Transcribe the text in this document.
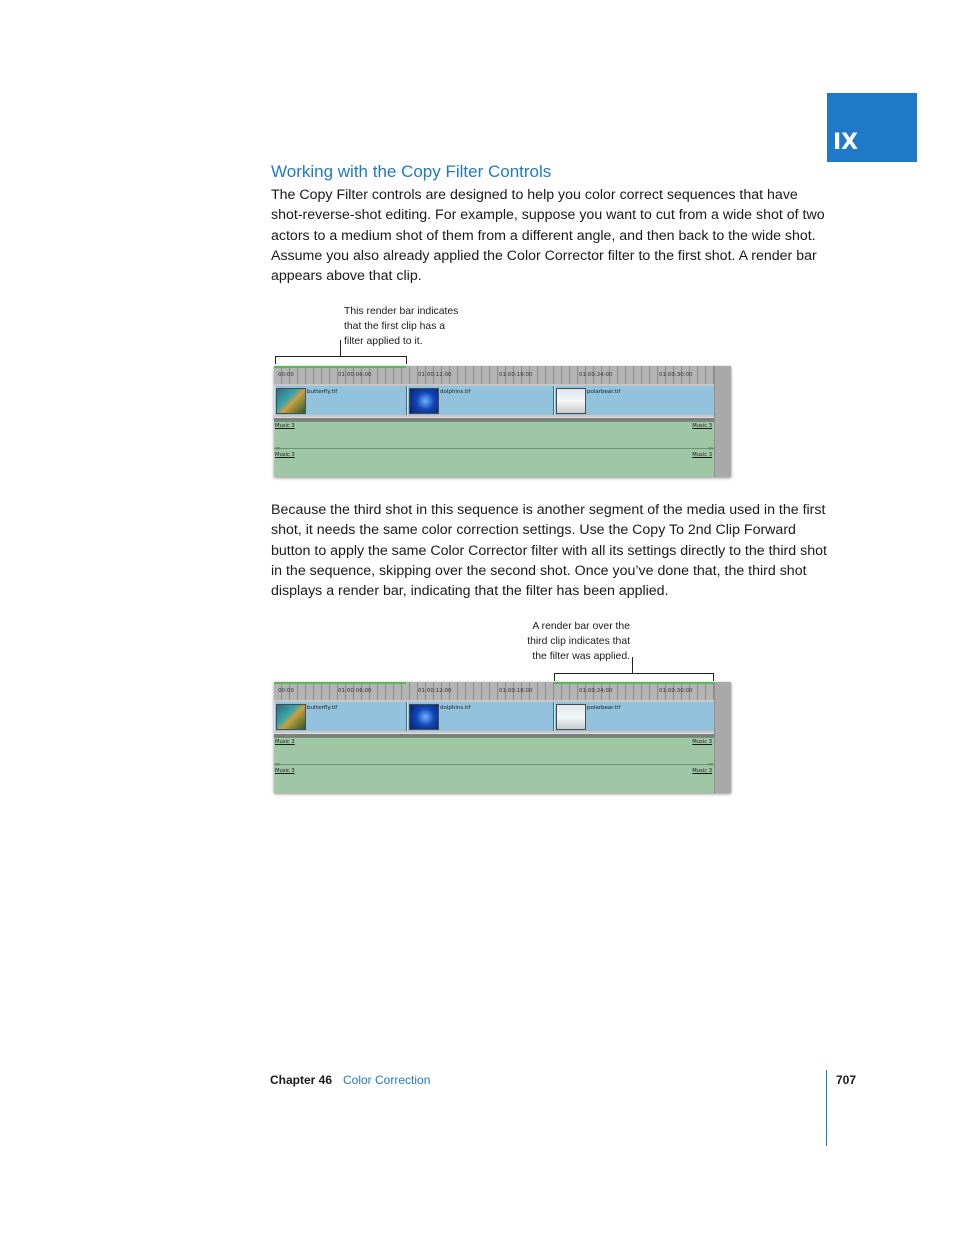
IX
Working with the Copy Filter Controls

The Copy Filter controls are designed to help you color correct sequences that have shot-reverse-shot editing. For example, suppose you want to cut from a wide shot of two actors to a medium shot of them from a different angle, and then back to the wide shot. Assume you also already applied the Color Corrector filter to the first shot. A render bar appears above that clip.

This render bar indicates
that the first clip has a
filter applied to it.
00:00	01:00:06:00	01:00:12:00	01:00:18:00	01:00:24:00	01:00:30:00
butterfly.tif	dolphins.tif	polarbear.tif
Music 3	Music 3
≍≍	≍≍
Music 3	Music 3

Because the third shot in this sequence is another segment of the media used in the first shot, it needs the same color correction settings. Use the Copy To 2nd Clip Forward button to apply the same Color Corrector filter with all its settings directly to the third shot in the sequence, skipping over the second shot. Once you’ve done that, the third shot displays a render bar, indicating that the filter has been applied.

A render bar over the
third clip indicates that
the filter was applied.
00:00	01:00:06:00	01:00:12:00	01:00:18:00	01:00:24:00	01:00:30:00
butterfly.tif	dolphins.tif	polarbear.tif
Music 3	Music 3
≍≍	≍≍
Music 3	Music 3
Chapter 46 Color Correction	707
